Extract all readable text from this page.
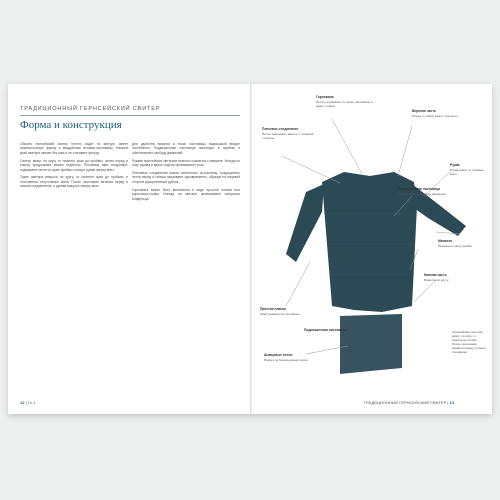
ТРАДИЦИОННЫЙ ГЕРНСЕЙСКИЙ СВИТЕР
Форма и конструкция

Обычно гернсейский свитер плотно сидит по фигуре, имеет прямоугольную форму и квадратные вставки-ластовицы. Нижний край свитера связан без шва и не стягивает фигуру.

Свитер вяжут по кругу от нижнего края до проймы, затем перед и спинку продолжают вязать отдельно. Плечевые швы соединяют, поднимают петли по краю проймы и вяжут рукав сверху вниз.

Такие свитера вяжутся по кругу, от нижнего края до проймы, и отличаются отсутствием швов. После окончания вязания перед и спинка соединяются, а рукава вяжутся сверху вниз.

Для удобства вязания и носки ластовицы подмышкой вводят постепенно. Подмышечная ластовица переходит в проймы и обеспечивает свободу движений.

Рукава гернсейских свитеров немного сужаются к манжете. Иногда по низу рукава и вдоль подола провязывают узор.

Плечевые соединения можно выполнить по-разному: традиционно петли перед и спинки закрывают одновременно, образуя на лицевой стороне декоративный рубчик.

Горловина может быть выполнена в виде простой планки или воротника-стойки. Иногда на свитере провязывают инициалы владельца.

12 | Гл.1
Горловина
Петли поднимают по краю горловины и вяжут планку.
Плечевое соединение
Петли закрывают вместе с лицевой стороны.
Верхняя часть
Перед и спинку вяжут отдельно.
Рукав
Рукав вяжут от проймы вниз.
Подмышечная ластовица
Обеспечивает свободу движения.
Манжета
Резинка по низу рукава.
Простая планка
Край рукава или горловины.
Нижняя часть
Вяжется по кругу.
Шлицевые петли
Разрез по бокам нижнего края.
Подмышечная ластовица	Гернсейские свитера вяжут по кругу от подола до пройм. После окончания вязания перед и спинку соединяют.
ТРАДИЦИОННЫЙ ГЕРНСЕЙСКИЙ СВИТЕР | 13
